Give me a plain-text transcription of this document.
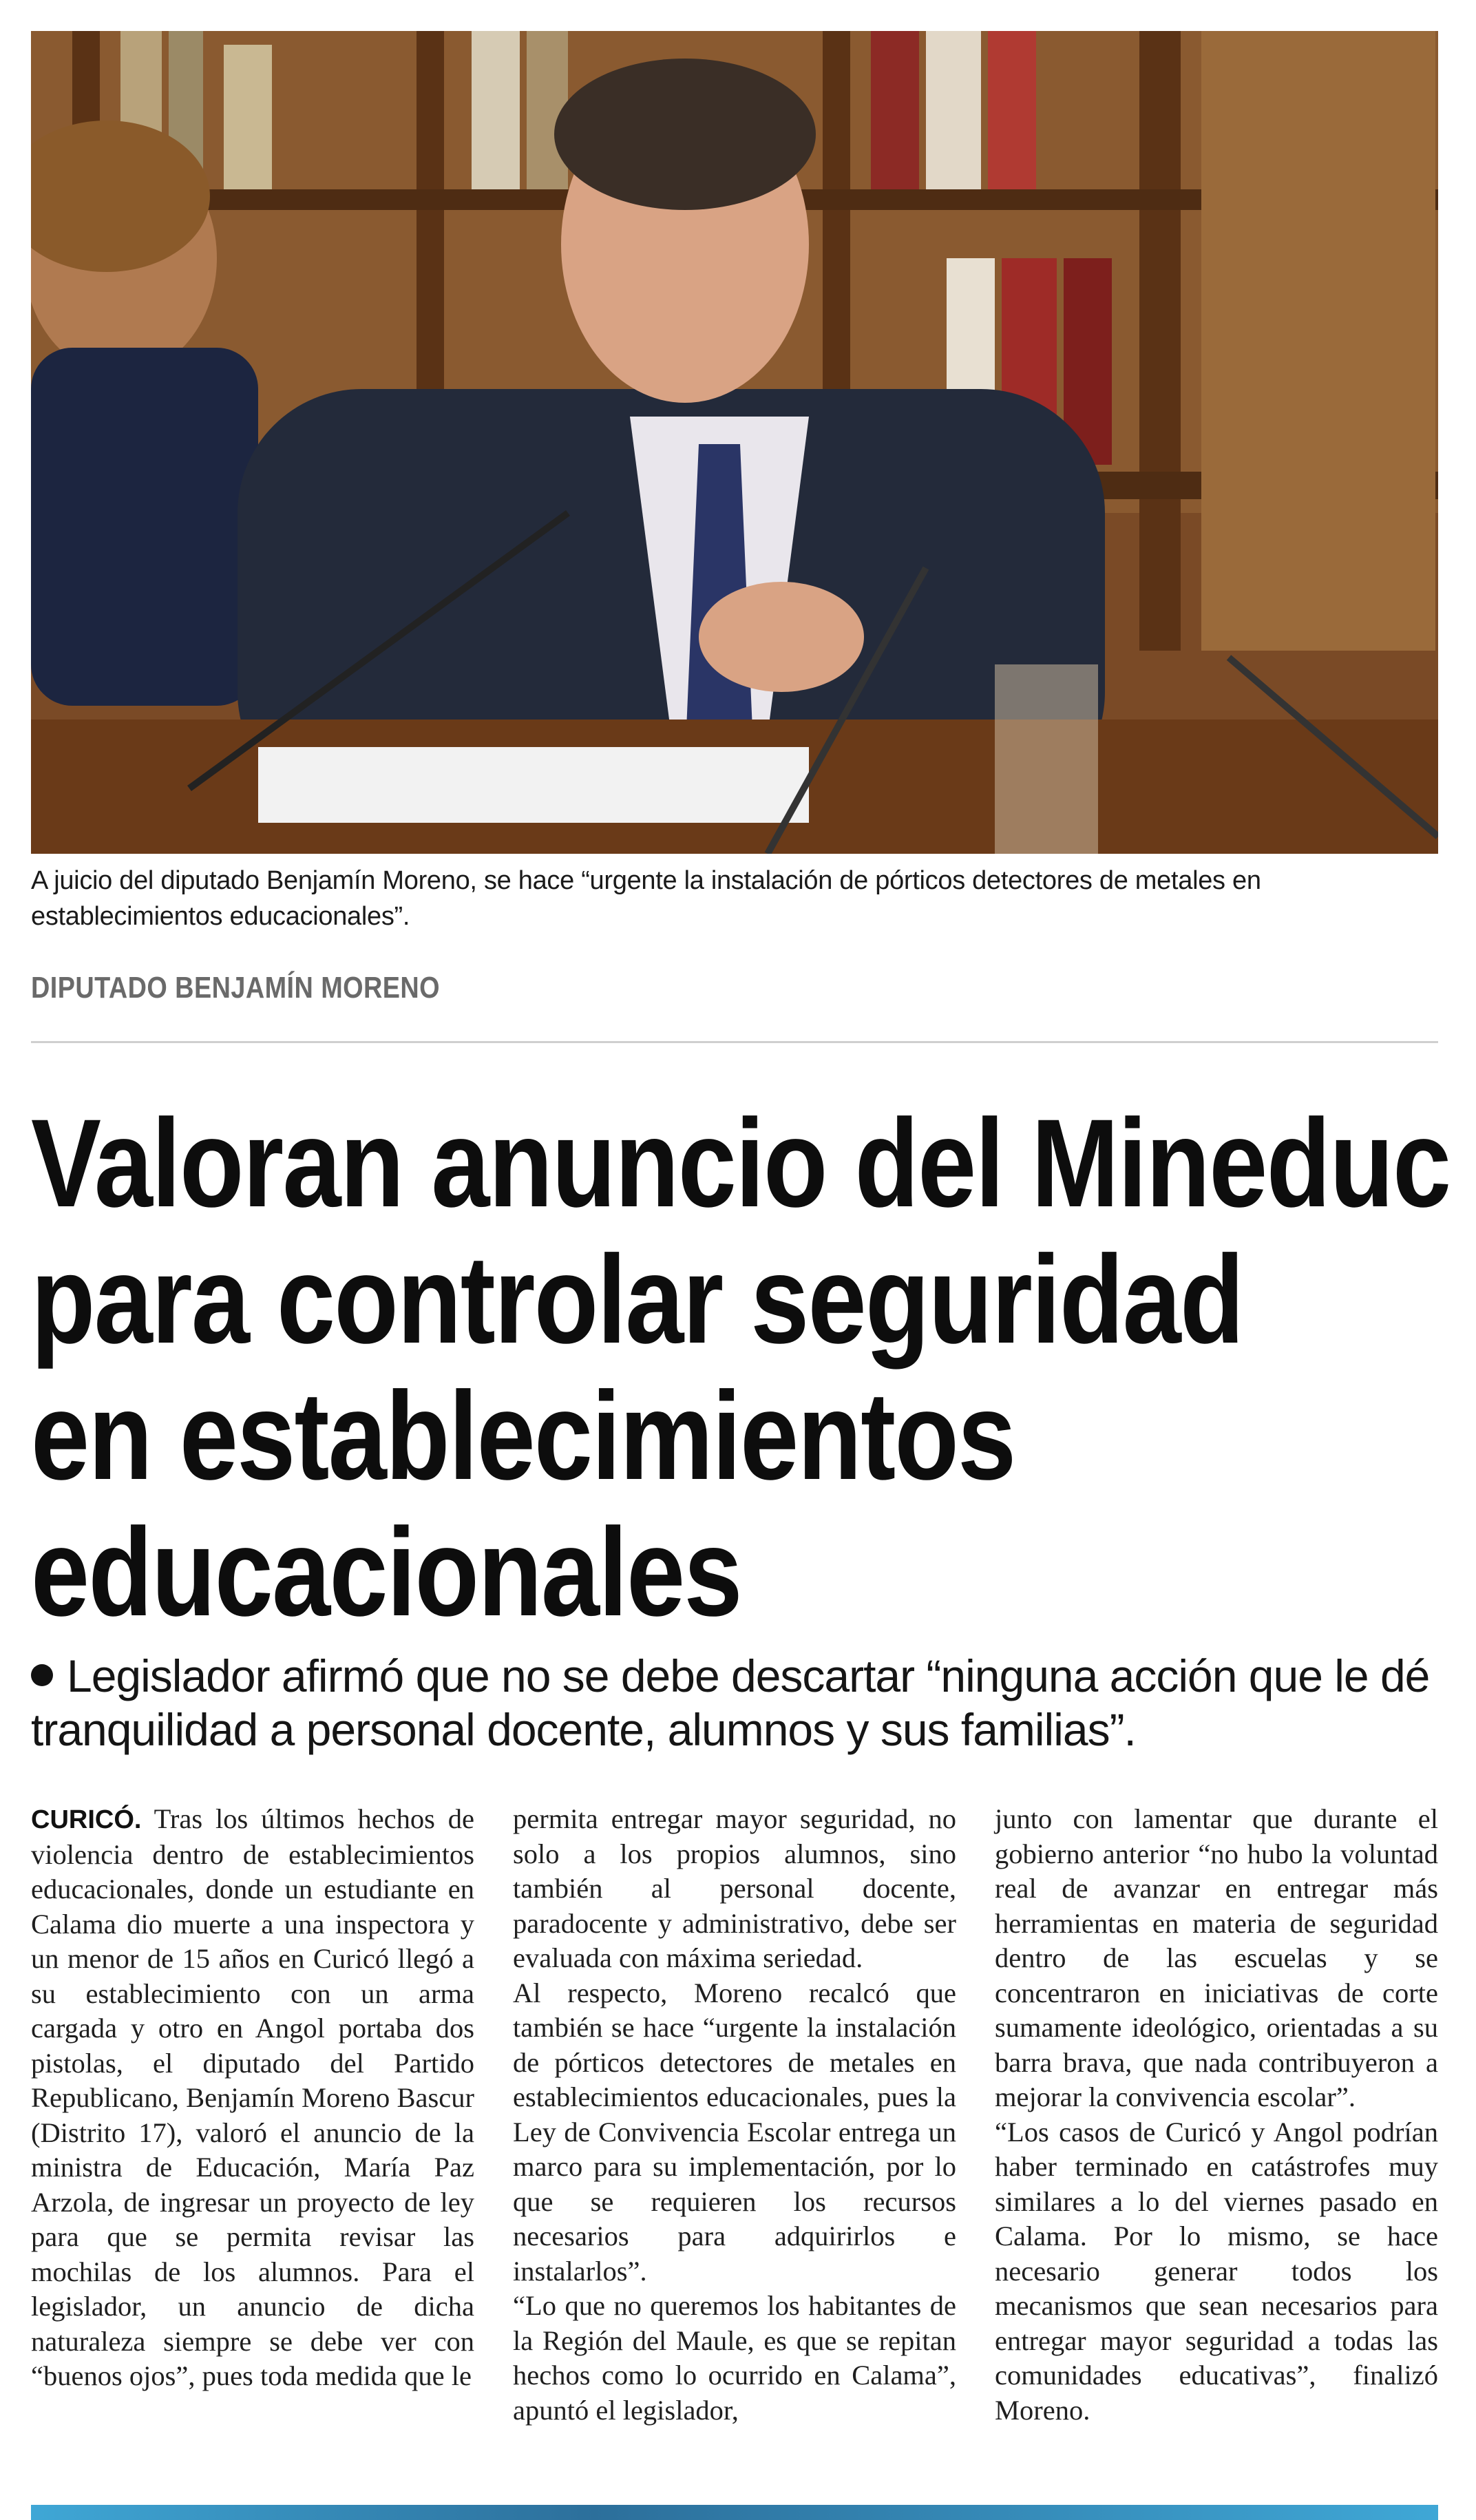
A juicio del diputado Benjamín Moreno, se hace “urgente la instalación de pórticos detectores de metales en establecimientos educacionales”.
DIPUTADO BENJAMÍN MORENO
Valoran anuncio del Mineduc
para controlar seguridad
en establecimientos
educacionales
Legislador afirmó que no se debe descartar “ninguna acción que le dé tranquilidad a personal docente, alumnos y sus familias”.

CURICÓ. Tras los últimos hechos de violencia dentro de establecimientos educacionales, donde un estudiante en Calama dio muerte a una inspectora y un menor de 15 años en Curicó llegó a su establecimiento con un arma cargada y otro en Angol portaba dos pistolas, el diputado del Partido Republicano, Benjamín Moreno Bascur (Distrito 17), valoró el anuncio de la ministra de Educación, María Paz Arzola, de ingresar un proyecto de ley para que se permita revisar las mochilas de los alumnos. Para el legislador, un anuncio de dicha naturaleza siempre se debe ver con “buenos ojos”, pues toda medida que le

permita entregar mayor seguridad, no solo a los propios alumnos, sino también al personal docente, paradocente y administrativo, debe ser evaluada con máxima seriedad.

Al respecto, Moreno recalcó que también se hace “urgente la instalación de pórticos detectores de metales en establecimientos educacionales, pues la Ley de Convivencia Escolar entrega un marco para su implementación, por lo que se requieren los recursos necesarios para adquirirlos e instalarlos”.

“Lo que no queremos los habitantes de la Región del Maule, es que se repitan hechos como lo ocurrido en Calama”, apuntó el legislador,

junto con lamentar que durante el gobierno anterior “no hubo la voluntad real de avanzar en entregar más herramientas en materia de seguridad dentro de las escuelas y se concentraron en iniciativas de corte sumamente ideológico, orientadas a su barra brava, que nada contribuyeron a mejorar la convivencia escolar”.

“Los casos de Curicó y Angol podrían haber terminado en catástrofes muy similares a lo del viernes pasado en Calama. Por lo mismo, se hace necesario generar todos los mecanismos que sean necesarios para entregar mayor seguridad a todas las comunidades educativas”, finalizó Moreno.
